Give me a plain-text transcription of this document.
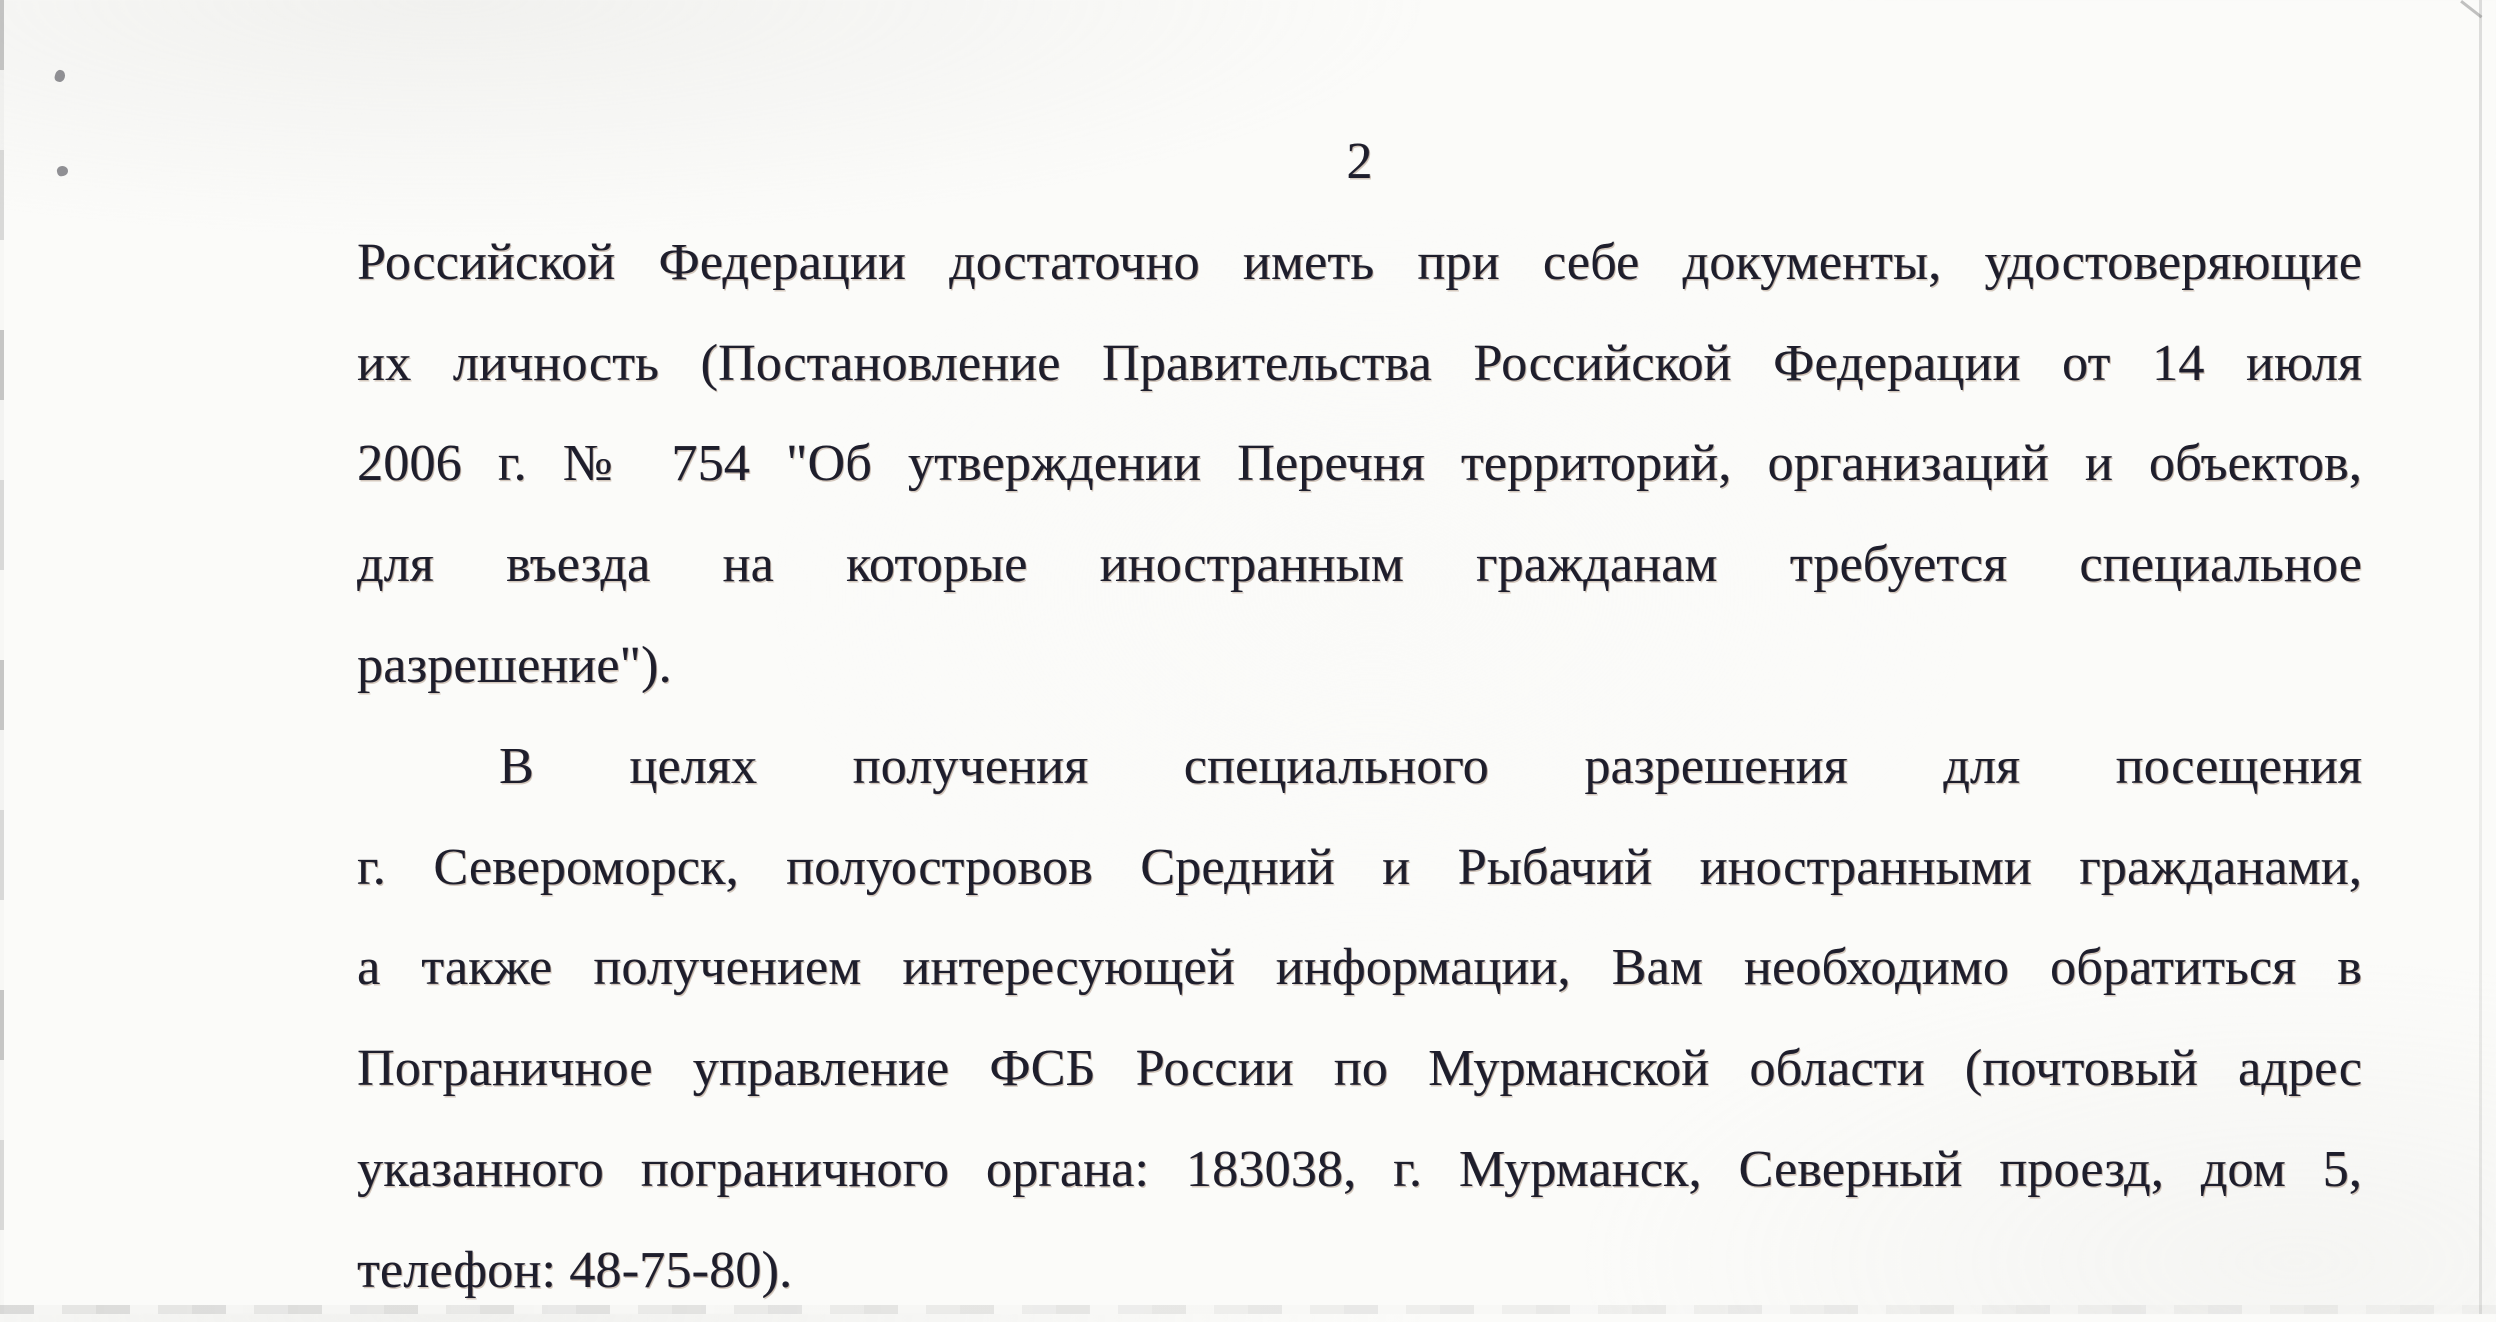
2
Российской Федерации достаточно иметь при себе документы, удостоверяющие
их личность (Постановление Правительства Российской Федерации от 14 июля
2006 г. № 754 "Об утверждении Перечня территорий, организаций и объектов,
для въезда на которые иностранным гражданам требуется специальное
разрешение").
В целях получения специального разрешения для посещения
г. Североморск, полуостровов Средний и Рыбачий иностранными гражданами,
а также получением интересующей информации, Вам необходимо обратиться в
Пограничное управление ФСБ России по Мурманской области (почтовый адрес
указанного пограничного органа: 183038, г. Мурманск, Северный проезд, дом 5,
телефон: 48-75-80).
